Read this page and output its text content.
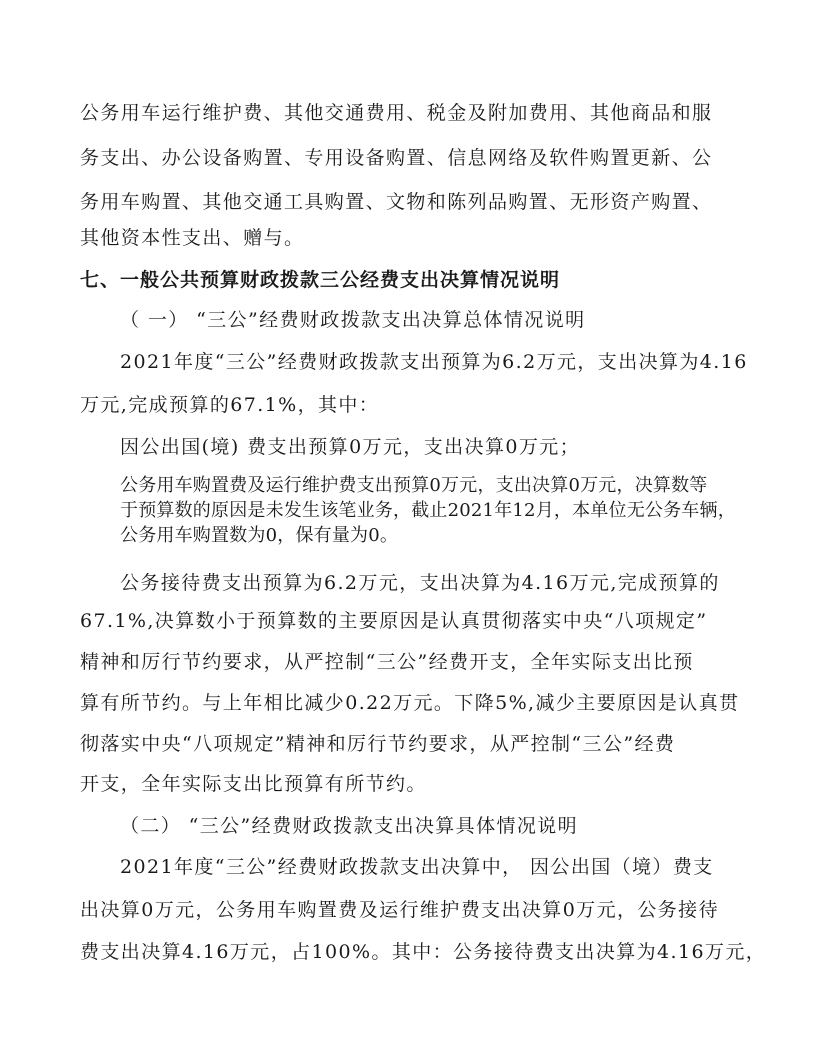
公务用车运行维护费、其他交通费用、税金及附加费用、其他商品和服
务支出、办公设备购置、专用设备购置、信息网络及软件购置更新、公
务用车购置、其他交通工具购置、文物和陈列品购置、无形资产购置、
其他资本性支出、赠与。
七、一般公共预算财政拨款三公经费支出决算情况说明
（ 一） “三公”经费财政拨款支出决算总体情况说明
2021年度“三公”经费财政拨款支出预算为6.2万元，支出决算为4.16
万元,完成预算的67.1%，其中：
因公出国(境) 费支出预算0万元，支出决算0万元；
公务用车购置费及运行维护费支出预算0万元，支出决算0万元，决算数等
于预算数的原因是未发生该笔业务，截止2021年12月，本单位无公务车辆，
公务用车购置数为0，保有量为0。
公务接待费支出预算为6.2万元，支出决算为4.16万元,完成预算的
67.1%,决算数小于预算数的主要原因是认真贯彻落实中央“八项规定”
精神和厉行节约要求，从严控制“三公”经费开支，全年实际支出比预
算有所节约。与上年相比减少0.22万元。下降5%,减少主要原因是认真贯
彻落实中央“八项规定”精神和厉行节约要求，从严控制“三公”经费
开支，全年实际支出比预算有所节约。
（二） “三公”经费财政拨款支出决算具体情况说明
2021年度“三公”经费财政拨款支出决算中， 因公出国（境）费支
出决算0万元，公务用车购置费及运行维护费支出决算0万元，公务接待
费支出决算4.16万元，占100%。其中：公务接待费支出决算为4.16万元，
